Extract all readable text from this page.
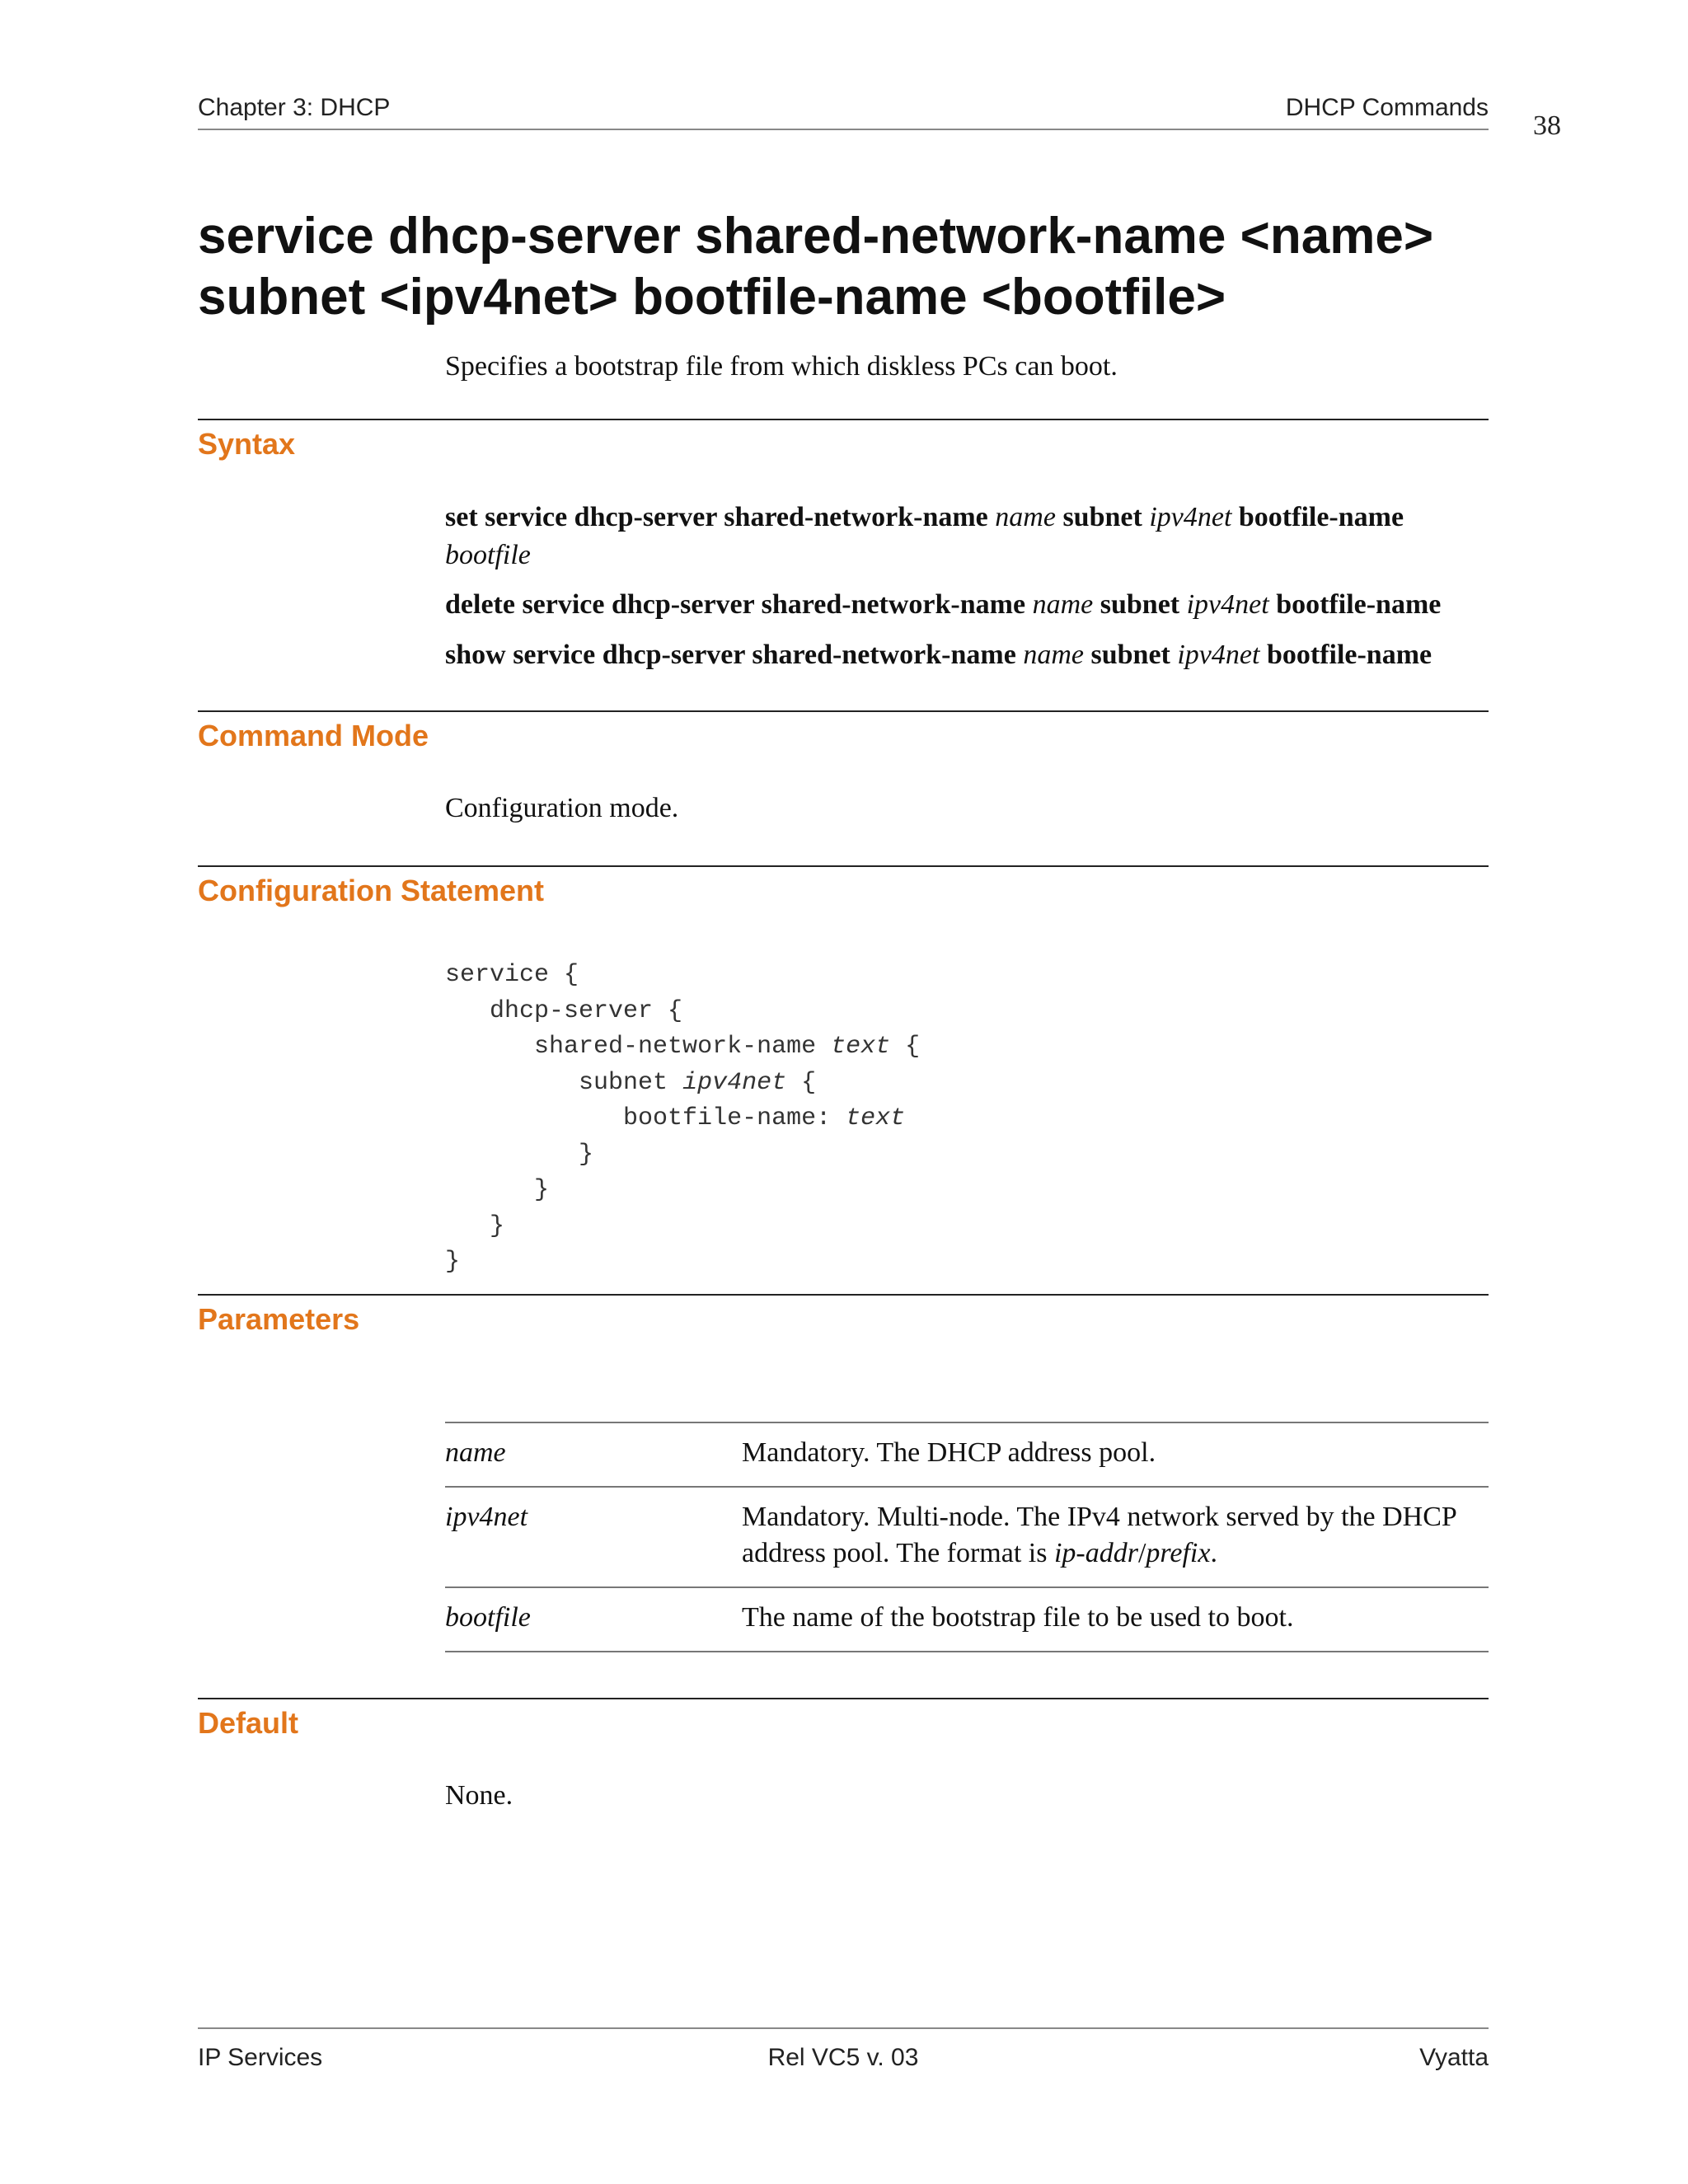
Chapter 3: DHCP	DHCP Commands
38
service dhcp-server shared-network-name <name>
subnet <ipv4net> bootfile-name <bootfile>

Specifies a bootstrap file from which diskless PCs can boot.

Syntax

set service dhcp-server shared-network-name name subnet ipv4net bootfile-name
bootfile

delete service dhcp-server shared-network-name name subnet ipv4net bootfile-name

show service dhcp-server shared-network-name name subnet ipv4net bootfile-name

Command Mode

Configuration mode.

Configuration Statement
service {
dhcp-server {
shared-network-name text {
subnet ipv4net {
bootfile-name: text
}
}
}
}
Parameters
name	Mandatory. The DHCP address pool.
ipv4net	Mandatory. Multi-node. The IPv4 network served by the DHCP address pool. The format is ip-addr/prefix.
bootfile	The name of the bootstrap file to be used to boot.
Default

None.

IP Services	Rel VC5 v. 03	Vyatta
